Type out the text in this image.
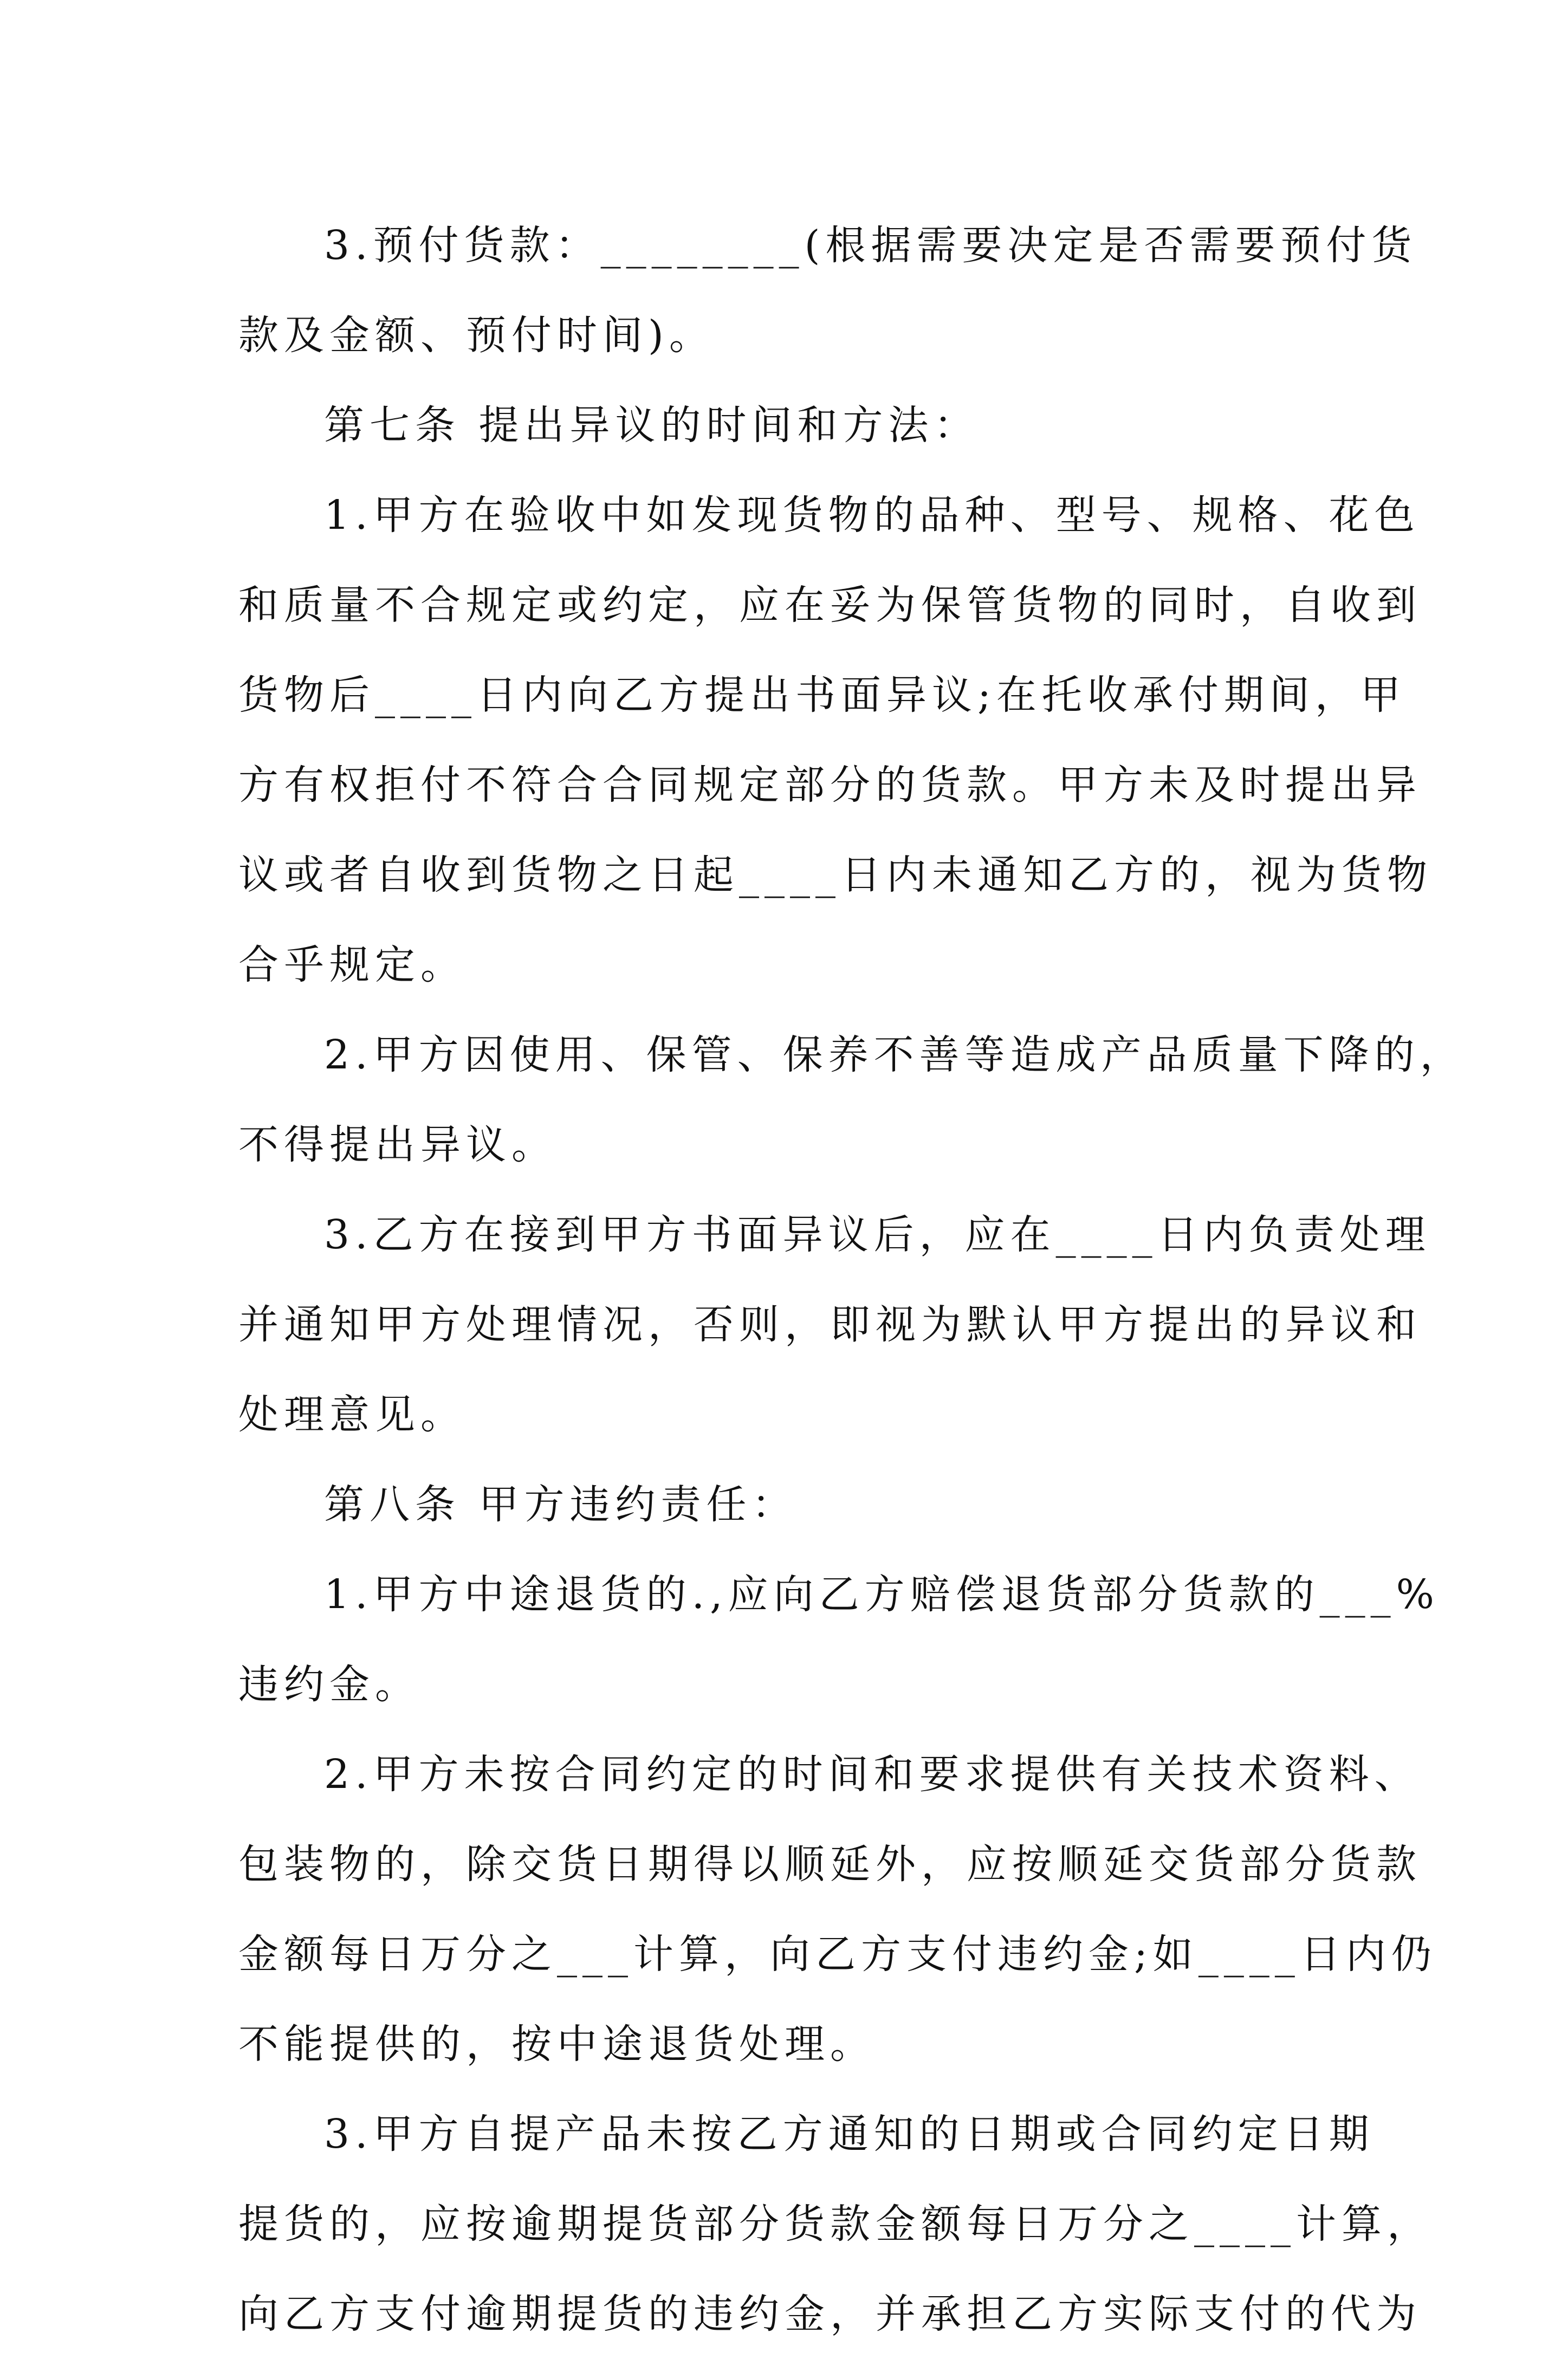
3.预付货款：________(根据需要决定是否需要预付货
款及金额、预付时间)。
第七条 提出异议的时间和方法：
1.甲方在验收中如发现货物的品种、型号、规格、花色
和质量不合规定或约定，应在妥为保管货物的同时，自收到
货物后____日内向乙方提出书面异议;在托收承付期间，甲
方有权拒付不符合合同规定部分的货款。甲方未及时提出异
议或者自收到货物之日起____日内未通知乙方的，视为货物
合乎规定。
2.甲方因使用、保管、保养不善等造成产品质量下降的，
不得提出异议。
3.乙方在接到甲方书面异议后，应在____日内负责处理
并通知甲方处理情况，否则，即视为默认甲方提出的异议和
处理意见。
第八条 甲方违约责任：
1.甲方中途退货的.,应向乙方赔偿退货部分货款的___%
违约金。
2.甲方未按合同约定的时间和要求提供有关技术资料、
包装物的，除交货日期得以顺延外，应按顺延交货部分货款
金额每日万分之___计算，向乙方支付违约金;如____日内仍
不能提供的，按中途退货处理。
3.甲方自提产品未按乙方通知的日期或合同约定日期
提货的，应按逾期提货部分货款金额每日万分之____计算，
向乙方支付逾期提货的违约金，并承担乙方实际支付的代为
